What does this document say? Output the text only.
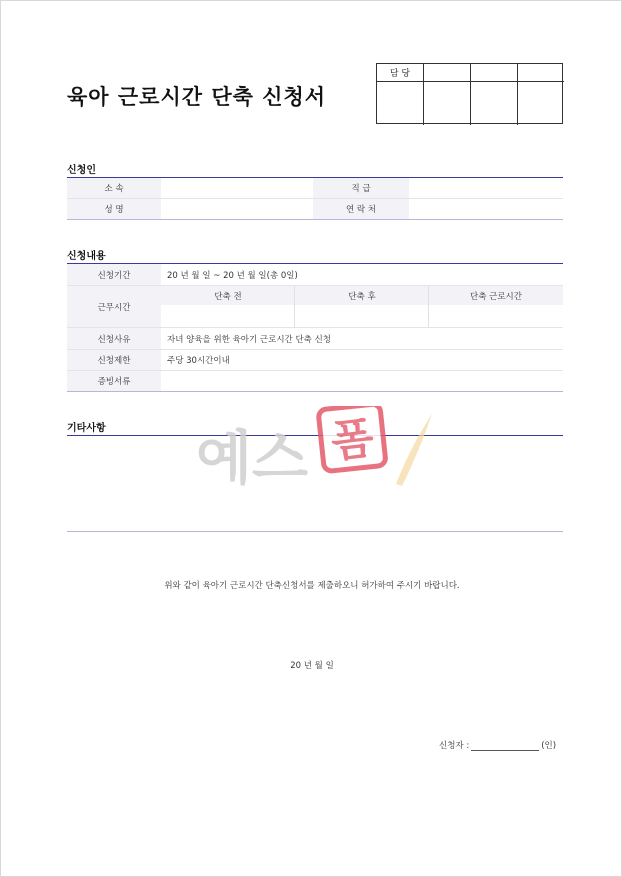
육아 근로시간 단축 신청서
담 당
신청인
소 속	직 급
성 명	연 락 처
신청내용
신청기간	20 년 월 일 ~ 20 년 월 일(총 0일)
근무시간
단축 전	단축 후	단축 근로시간
신청사유	자녀 양육을 위한 육아기 근로시간 단축 신청
신청제한	주당 30시간이내
증빙서류
기타사항 예스 폼
위와 같이 육아기 근로시간 단축신청서를 제출하오니 허가하여 주시기 바랍니다.
20 년 월 일
신청자 :	(인)
